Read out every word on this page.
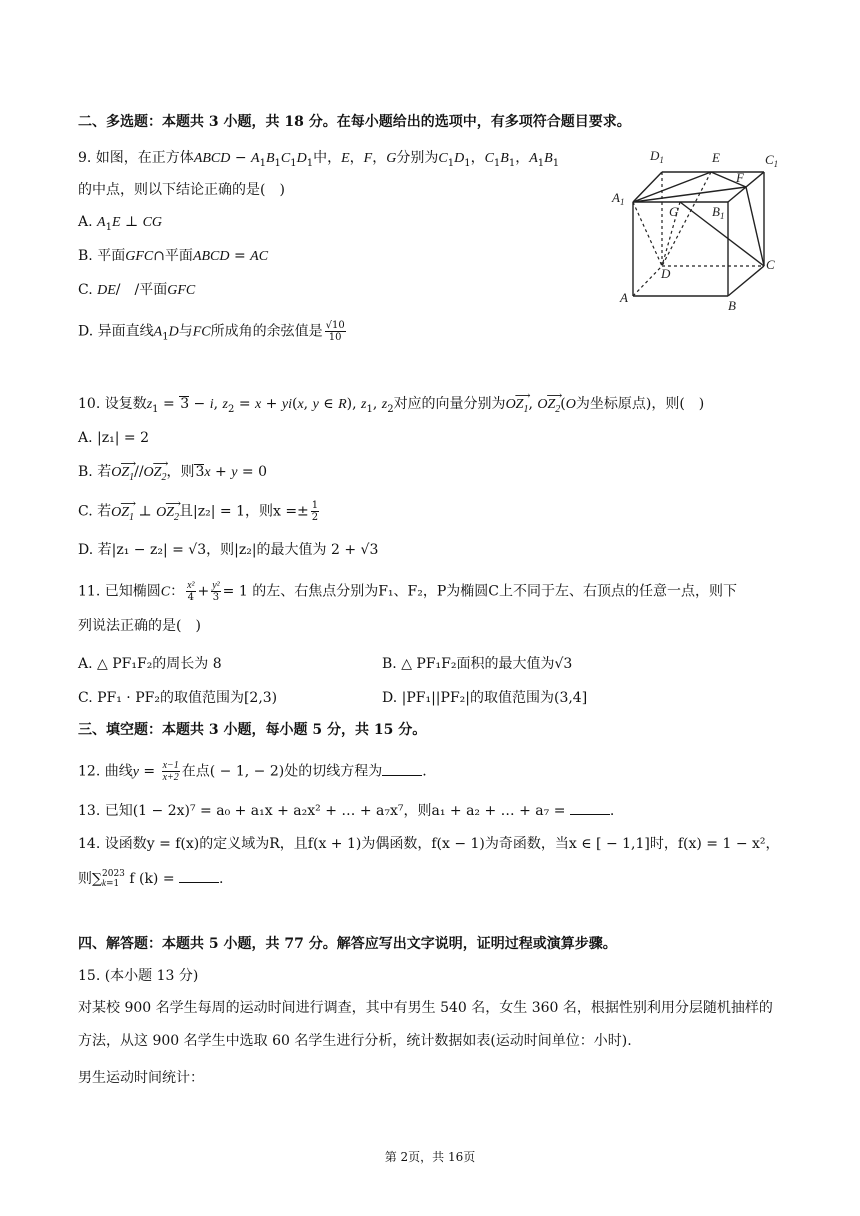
二、多选题：本题共 3 小题，共 18 分。在每小题给出的选项中，有多项符合题目要求。
9. 如图，在正方体ABCD − $A_1B_1C_1D_1$中，E，F，G分别为$C_1D_1$，$C_1B_1$，$A_1B_1$
的中点，则以下结论正确的是(　)
A. $A_1E$ ⊥ CG
B. 平面GFC∩平面ABCD = AC
C. DE/　/平面GFC
D. 异面直线$A_1D$与FC所成角的余弦值是 $\frac{√10}{10}$
$D_1$	E	$C_1$
F
$A_1$
G	$B_1$
D
C
A
B
10. 设复数$z_1 = 3 - i$, $z_2 = x + yi(x$, y ∈ R), $z_1$, $z_2$对应的向量分别为⟶ $OZ_1$, ⟶ $OZ_2(O$为坐标原点)，则(　)
A. |z₁| = 2
B. 若⟶ $OZ_1//⟶$ $OZ_2$，则3x + y = 0
C. 若⟶ $OZ_1$ ⊥ ⟶ $OZ_2$且|z₂| = 1，则$x =\pm \frac{1}{2}$
D. 若|z₁ − z₂| = √3，则|z₂|的最大值为 2 + √3
11. 已知椭圆C： $\frac{\text{x²}}{4} + \frac{\text{y²}}{3} = 1$ 的左、右焦点分别为F₁、F₂，P为椭圆C上不同于左、右顶点的任意一点，则下
列说法正确的是(　)
A. △ PF₁F₂的周长为 8	B. △ PF₁F₂面积的最大值为√3
C. PF₁ · PF₂的取值范围为[2,3)	D. |PF₁||PF₂|的取值范围为(3,4]
三、填空题：本题共 3 小题，每小题 5 分，共 15 分。
12. 曲线$y = \frac{x-1}{x+2}$ 在点( − 1, − 2)处的切线方程为	.
13. 已知(1 − 2x)⁷ = a₀ + a₁x + a₂x² + … + a₇x⁷，则a₁ + a₂ + … + a₇ =	.
14. 设函数y = f(x)的定义域为R，且f(x + 1)为偶函数，f(x − 1)为奇函数，当x ∈ [ − 1,1]时，f(x) = 1 − x²，
则∑ 2023
k=1 f (k) =	.
四、解答题：本题共 5 小题，共 77 分。解答应写出文字说明，证明过程或演算步骤。
15. (本小题 13 分)
对某校 900 名学生每周的运动时间进行调查，其中有男生 540 名，女生 360 名，根据性别利用分层随机抽样的方法，从这 900 名学生中选取 60 名学生进行分析，统计数据如表(运动时间单位：小时).
男生运动时间统计：
第 2页，共 16页
